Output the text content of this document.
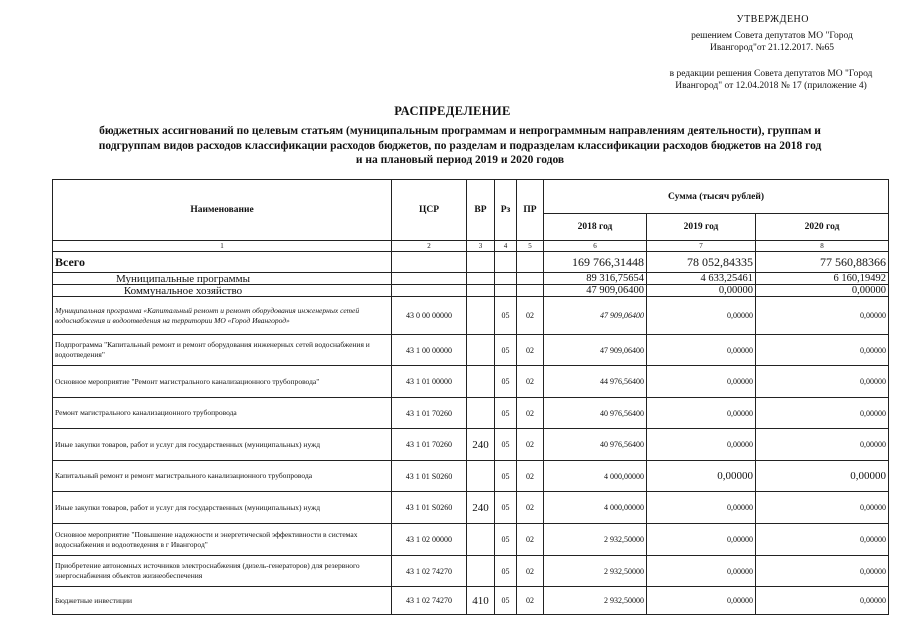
УТВЕРЖДЕНО
решением Совета депутатов МО "Город
Ивангород"от 21.12.2017. №65
в редакции решения Совета депутатов МО "Город
Ивангород" от 12.04.2018 № 17 (приложение 4)
РАСПРЕДЕЛЕНИЕ
бюджетных ассигнований по целевым статьям (муниципальным программам и непрограммным направлениям деятельности), группам и
подгруппам видов расходов классификации расходов бюджетов, по разделам и подразделам классификации расходов бюджетов на 2018 год
и на плановый период 2019 и 2020 годов
Наименование	ЦСР	ВР	Рз	ПР	Сумма (тысяч рублей)		
					2018 год	2019 год	2020 год
1	2	3	4	5	6	7	8
Всего					169 766,31448	78 052,84335	77 560,88366
Муниципальные программы					89 316,75654	4 633,25461	6 160,19492
Коммунальное хозяйство					47 909,06400	0,00000	0,00000
Муниципальная программа «Капитальный ремонт и ремонт оборудования инженерных сетей водоснабжения и водоотведения на территории МО «Город Ивангород»	43 0 00 00000		05	02	47 909,06400	0,00000	0,00000
Подпрограмма "Капитальный ремонт и ремонт оборудования инженерных сетей водоснабжения и водоотведения"	43 1 00 00000		05	02	47 909,06400	0,00000	0,00000
Основное мероприятие "Ремонт магистрального канализационного трубопровода"	43 1 01 00000		05	02	44 976,56400	0,00000	0,00000
Ремонт магистрального канализационного трубопровода	43 1 01 70260		05	02	40 976,56400	0,00000	0,00000
Иные закупки товаров, работ и услуг для государственных (муниципальных) нужд	43 1 01 70260	240	05	02	40 976,56400	0,00000	0,00000
Капитальный ремонт и ремонт магистрального канализационного трубопровода	43 1 01 S0260		05	02	4 000,00000	0,00000	0,00000
Иные закупки товаров, работ и услуг для государственных (муниципальных) нужд	43 1 01 S0260	240	05	02	4 000,00000	0,00000	0,00000
Основное мероприятие "Повышение надежности и энергетической эффективности в системах водоснабжения и водоотведения в г Ивангород"	43 1 02 00000		05	02	2 932,50000	0,00000	0,00000
Приобретение автономных источников электроснабжения (дизель-генераторов) для резервного энергоснабжения объектов жизнеобеспечения	43 1 02 74270		05	02	2 932,50000	0,00000	0,00000
Бюджетные инвестиции	43 1 02 74270	410	05	02	2 932,50000	0,00000	0,00000
